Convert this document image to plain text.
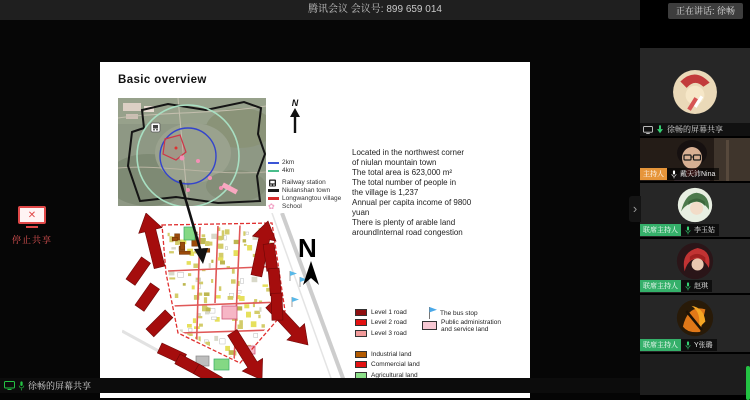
腾讯会议 会议号: 899 659 014	正在讲话: 徐畅
Basic overview
N
2km
4km
Railway station
Niulanshan town
Longwangtou village
✿	School
Located in the northwest corner
of niulan mountain town
The total area is 623,000 m²
The total number of people in
the village is 1,237
Annual per capita income of 9800
yuan
There is plenty of arable land
aroundInternal road congestion
N
Level 1 road
Level 2 road
Level 3 road
The bus stop
Public administration
and service land
Industrial land
Commercial land
Agricultural land
✕
停止共享
徐畅的屏幕共享
徐畅的屏幕共享
主持人	戴天沛Nina
联席主持人	李玉姑
联席主持人	赵琪
联席主持人	Y张璐
›
